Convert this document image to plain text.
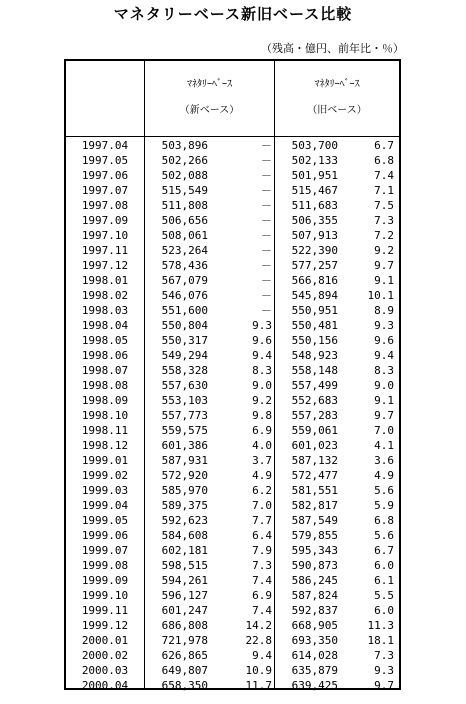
マネタリーベース新旧ベース比較
（残高・億円、前年比・％）
ﾏﾈﾀﾘｰﾍﾞｰｽ
（新ベース）
ﾏﾈﾀﾘｰﾍﾞｰｽ
（旧ベース）
1997.04	503,896	－	503,700	6.7
1997.05	502,266	－	502,133	6.8
1997.06	502,088	－	501,951	7.4
1997.07	515,549	－	515,467	7.1
1997.08	511,808	－	511,683	7.5
1997.09	506,656	－	506,355	7.3
1997.10	508,061	－	507,913	7.2
1997.11	523,264	－	522,390	9.2
1997.12	578,436	－	577,257	9.7
1998.01	567,079	－	566,816	9.1
1998.02	546,076	－	545,894	10.1
1998.03	551,600	－	550,951	8.9
1998.04	550,804	9.3	550,481	9.3
1998.05	550,317	9.6	550,156	9.6
1998.06	549,294	9.4	548,923	9.4
1998.07	558,328	8.3	558,148	8.3
1998.08	557,630	9.0	557,499	9.0
1998.09	553,103	9.2	552,683	9.1
1998.10	557,773	9.8	557,283	9.7
1998.11	559,575	6.9	559,061	7.0
1998.12	601,386	4.0	601,023	4.1
1999.01	587,931	3.7	587,132	3.6
1999.02	572,920	4.9	572,477	4.9
1999.03	585,970	6.2	581,551	5.6
1999.04	589,375	7.0	582,817	5.9
1999.05	592,623	7.7	587,549	6.8
1999.06	584,608	6.4	579,855	5.6
1999.07	602,181	7.9	595,343	6.7
1999.08	598,515	7.3	590,873	6.0
1999.09	594,261	7.4	586,245	6.1
1999.10	596,127	6.9	587,824	5.5
1999.11	601,247	7.4	592,837	6.0
1999.12	686,808	14.2	668,905	11.3
2000.01	721,978	22.8	693,350	18.1
2000.02	626,865	9.4	614,028	7.3
2000.03	649,807	10.9	635,879	9.3
2000.04	658,350	11.7	639,425	9.7
